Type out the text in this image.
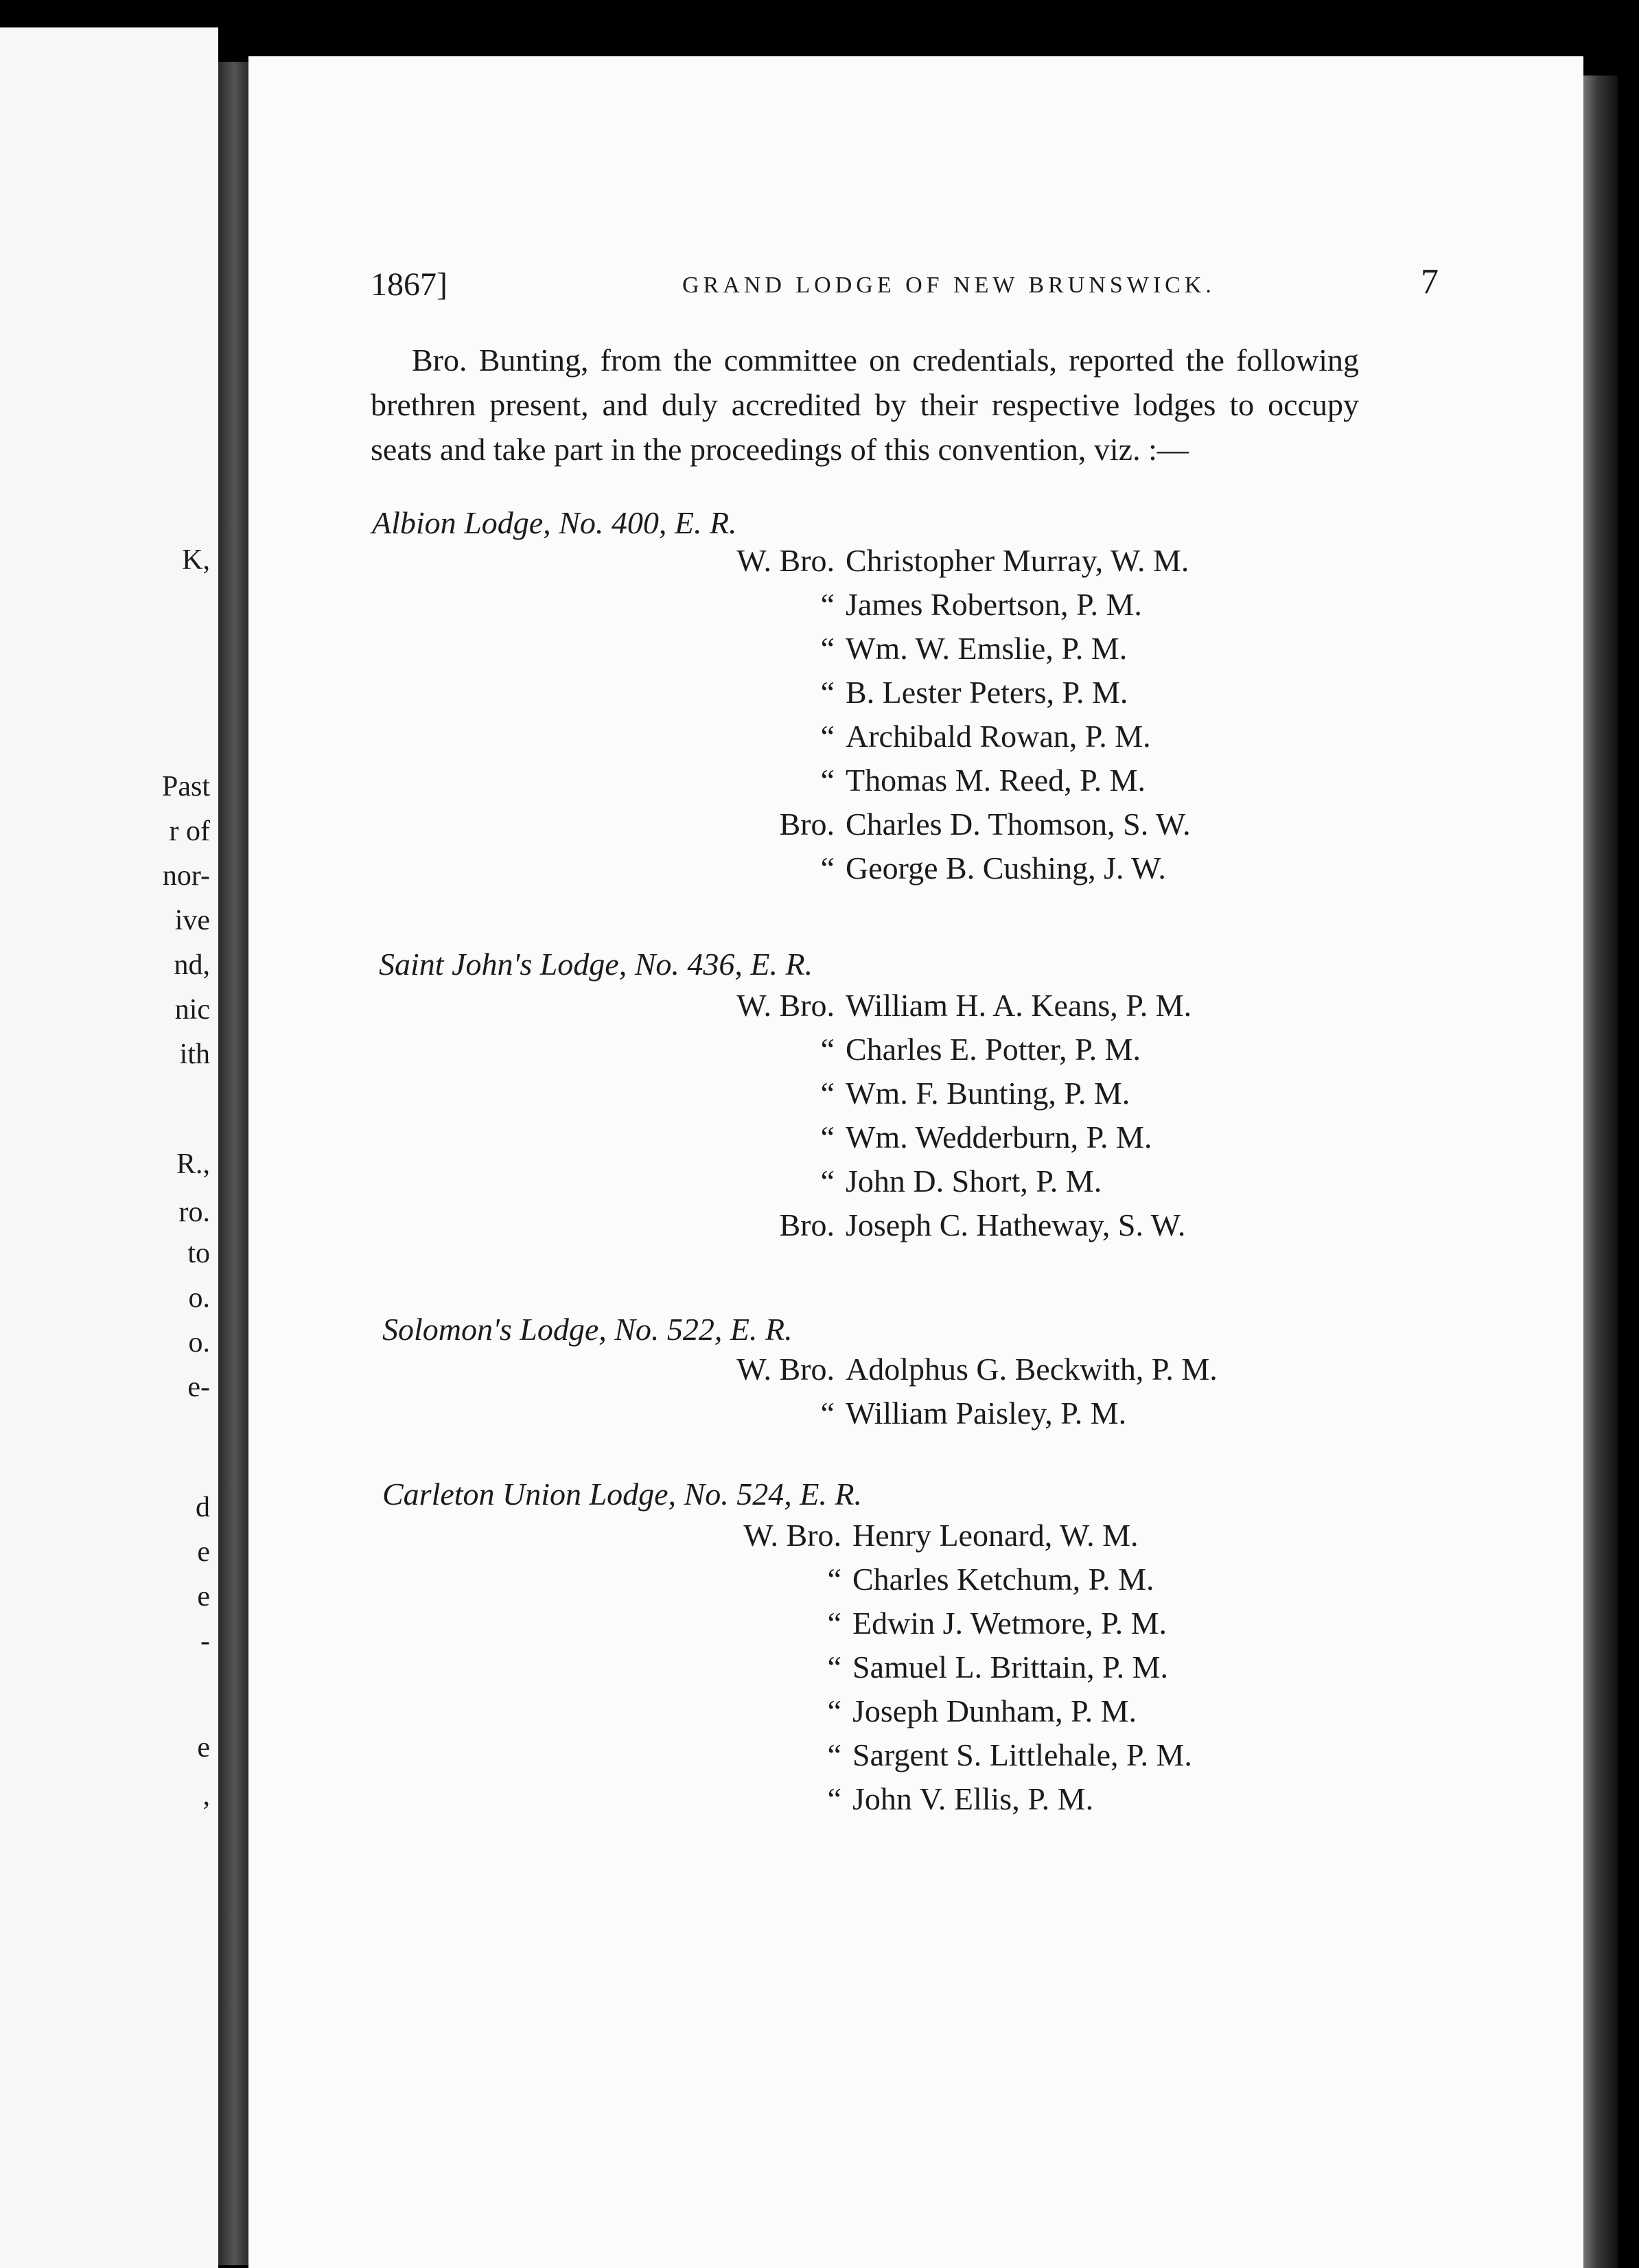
K,
Past
r of
nor-
ive
nd,
nic
ith
R.,
ro.
to
o.
o.
e-
d
e
e
-
e
,
1867]	GRAND LODGE OF NEW BRUNSWICK.	7
Bro. Bunting, from the committee on credentials, reported the following brethren present, and duly accredited by their respective lodges to occupy seats and take part in the proceedings of this convention, viz. :—
Albion Lodge, No. 400, E. R.
W. Bro. Christopher Murray, W. M.
“ James Robertson, P. M.
“ Wm. W. Emslie, P. M.
“ B. Lester Peters, P. M.
“ Archibald Rowan, P. M.
“ Thomas M. Reed, P. M.
Bro. Charles D. Thomson, S. W.
“ George B. Cushing, J. W.
Saint John's Lodge, No. 436, E. R.
W. Bro. William H. A. Keans, P. M.
“ Charles E. Potter, P. M.
“ Wm. F. Bunting, P. M.
“ Wm. Wedderburn, P. M.
“ John D. Short, P. M.
Bro. Joseph C. Hatheway, S. W.
Solomon's Lodge, No. 522, E. R.
W. Bro. Adolphus G. Beckwith, P. M.
“ William Paisley, P. M.
Carleton Union Lodge, No. 524, E. R.
W. Bro. Henry Leonard, W. M.
“ Charles Ketchum, P. M.
“ Edwin J. Wetmore, P. M.
“ Samuel L. Brittain, P. M.
“ Joseph Dunham, P. M.
“ Sargent S. Littlehale, P. M.
“ John V. Ellis, P. M.
